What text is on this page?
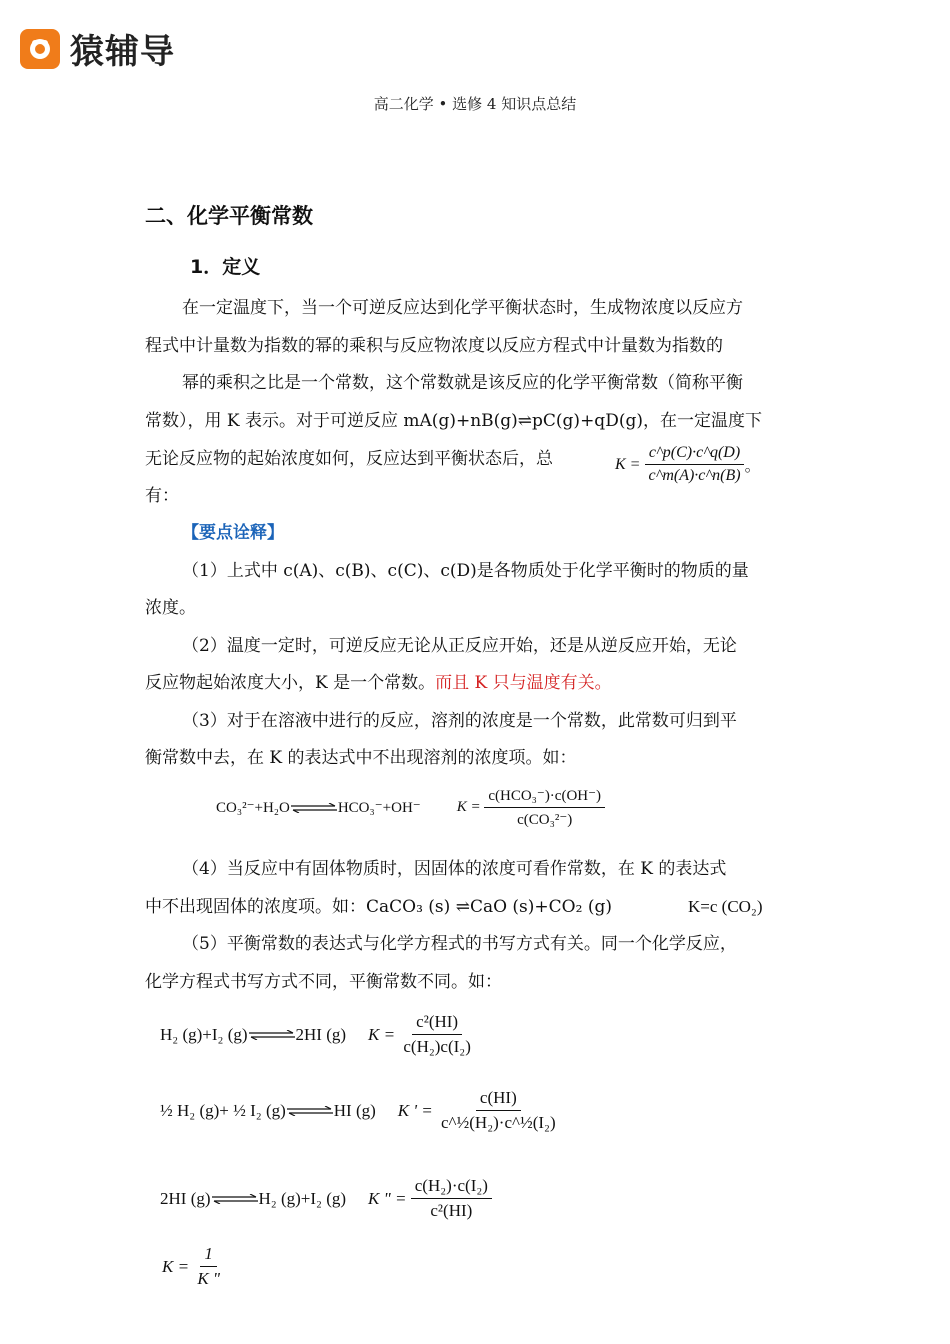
猿辅导
高二化学 • 选修 4 知识点总结
二、化学平衡常数
1．定义
在一定温度下，当一个可逆反应达到化学平衡状态时，生成物浓度以反应方
程式中计量数为指数的幂的乘积与反应物浓度以反应方程式中计量数为指数的
幂的乘积之比是一个常数，这个常数就是该反应的化学平衡常数（简称平衡
常数），用 K 表示。对于可逆反应 mA(g)+nB(g)⇌pC(g)+qD(g)，在一定温度下
无论反应物的起始浓度如何，反应达到平衡状态后，总
有：
K =
$\frac{c\^{}p(C)\cdot c\^{}q(D)}{c\^{}m(A)\cdot c\^{}n(B)}$ 。
【要点诠释】
（1）上式中 c(A)、c(B)、c(C)、c(D)是各物质处于化学平衡时的物质的量
浓度。
（2）温度一定时，可逆反应无论从正反应开始，还是从逆反应开始，无论
反应物起始浓度大小，K 是一个常数。而且 K 只与温度有关。
（3）对于在溶液中进行的反应，溶剂的浓度是一个常数，此常数可归到平
衡常数中去，在 K 的表达式中不出现溶剂的浓度项。如：
CO₃²⁻+H₂O ⇌ HCO₃⁻+OH⁻ K =
$\frac{\text{c(HCO₃⁻)·c(OH⁻)}}{\text{c(CO₃²⁻)}}$
（4）当反应中有固体物质时，因固体的浓度可看作常数，在 K 的表达式
中不出现固体的浓度项。如：CaCO₃ (s) ⇌CaO (s)+CO₂ (g)	K=c (CO₂)
（5）平衡常数的表达式与化学方程式的书写方式有关。同一个化学反应，
化学方程式书写方式不同，平衡常数不同。如：
H₂ (g)+I₂ (g) ⇌ 2HI (g) K =
$\frac{\text{c²(HI)}}{\text{c(H₂)c(I₂)}}$
½ H₂ (g)+ ½ I₂ (g) ⇌ HI (g) K ' =
$\frac{c(HI)}{\text{c\textasciicircum{}½(H₂)·c\textasciicircum{}½(I₂)}}$
2HI (g) ⇌ H₂ (g)+I₂ (g) K " =
$\frac{\text{c(H₂)·c(I₂)}}{\text{c²(HI)}}$
K =
$\frac{1}{K "}$
